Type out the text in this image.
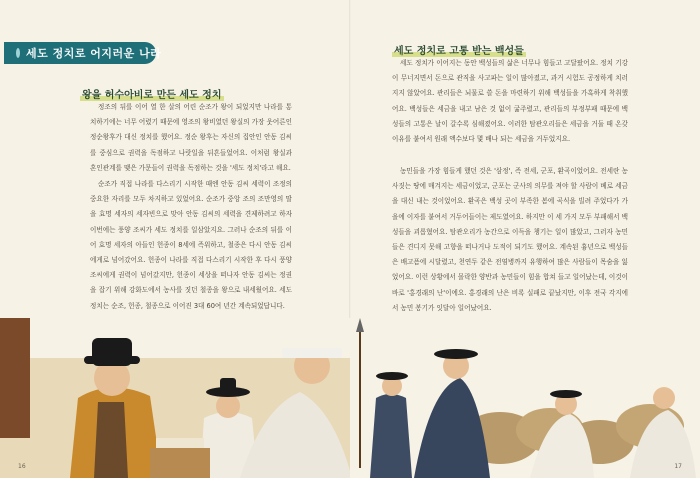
세도 정치로 어지러운 나라
왕을 허수아비로 만든 세도 정치
정조의 뒤를 이어 열 한 살의 어린 순조가 왕이 되었지만 나라를 통치하기에는 너무 어렸기 때문에 영조의 왕비였던 왕실의 가장 웃어른인 정순왕후가 대신 정치를 했어요. 정순 왕후는 자신의 집안인 안동 김씨를 중심으로 권력을 독점하고 나랏일을 뒤흔들었어요. 이처럼 왕실과 혼인관계를 맺은 가문들이 권력을 독점하는 것을 '세도 정치'라고 해요.
순조가 직접 나라를 다스리기 시작한 때엔 안동 김씨 세력이 조정의 중요한 자리를 모두 차지하고 있었어요. 순조가 중앙 조의 조만영의 딸을 효명 세자의 세자빈으로 맞아 안동 김씨의 세력을 견제하려고 하자 이번에는 풍양 조씨가 세도 정치를 일삼았지요. 그러나 순조의 뒤를 이어 효명 세자의 아들인 헌종이 8세에 즉위하고, 철종은 다시 안동 김씨에게로 넘어갔어요. 헌종이 나라를 직접 다스리기 시작한 후 다시 풍양 조씨에게 권력이 넘어갔지만, 헌종이 세상을 떠나자 안동 김씨는 정권을 잡기 위해 강화도에서 농사를 짓던 철종을 왕으로 내세웠어요. 세도 정치는 순조, 헌종, 철종으로 이어진 3대 60여 년간 계속되었답니다.
16
세도 정치로 고통 받는 백성들
세도 정치가 이어지는 동안 백성들의 삶은 너무나 힘들고 고달팠어요. 정치 기강이 무너지면서 돈으로 관직을 사고파는 일이 많아졌고, 과거 시험도 공정하게 치러지지 않았어요. 관리들은 뇌물로 쓸 돈을 마련하기 위해 백성들을 가혹하게 착취했어요. 백성들은 세금을 내고 남은 것 없이 굶주렸고, 관리들의 부정부패 때문에 백성들의 고통은 날이 갈수록 심해졌어요. 이러한 탐관오리들은 세금을 거둘 때 온갖 이유를 붙여서 원래 액수보다 몇 배나 되는 세금을 거두었지요.
농민들을 가장 힘들게 했던 것은 '삼정', 즉 전세, 군포, 환곡이었어요. 전세란 농사짓는 땅에 매겨지는 세금이었고, 군포는 군사의 의무를 져야 할 사람이 베로 세금을 대신 내는 것이었어요. 환곡은 백성 곳이 부족한 봄에 곡식을 빌려 주었다가 가을에 이자를 붙여서 거두어들이는 제도였어요. 하지만 이 세 가지 모두 부패해서 백성들을 괴롭혔어요. 탐관오리가 농간으로 이득을 챙기는 일이 많았고, 그러자 농민들은 견디지 못해 고향을 떠나거나 도적이 되기도 했어요. 계속된 흉년으로 백성들은 배고픔에 시달렸고, 천연두 같은 전염병까지 유행하여 많은 사람들이 목숨을 잃었어요. 이런 상황에서 몰락한 양반과 농민들이 힘을 합쳐 들고 일어났는데, 이것이 바로 '홍경래의 난'이에요. 홍경래의 난은 비록 실패로 끝났지만, 이후 전국 각지에서 농민 봉기가 잇달아 일어났어요.
17
